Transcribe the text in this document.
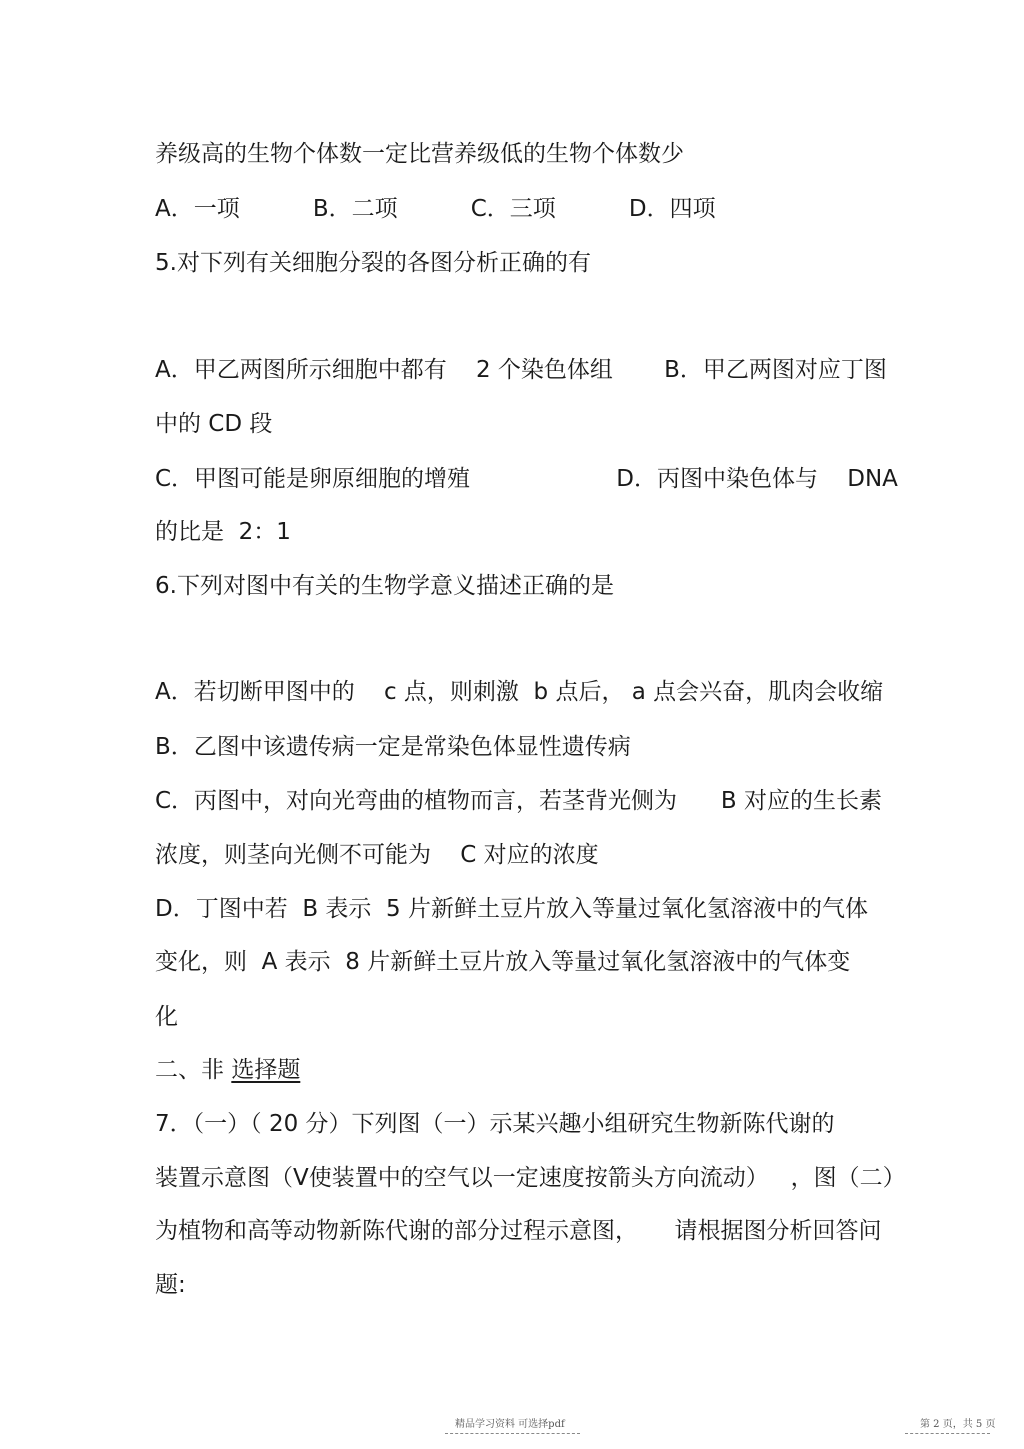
养级高的生物个体数一定比营养级低的生物个体数少
A．一项          B．二项          C．三项          D．四项
5.对下列有关细胞分裂的各图分析正确的有
A．甲乙两图所示细胞中都有    2 个染色体组       B．甲乙两图对应丁图
中的 CD 段
C．甲图可能是卵原细胞的增殖                    D．丙图中染色体与    DNA
的比是  2：1
6.下列对图中有关的生物学意义描述正确的是
A．若切断甲图中的    c 点，则刺激  b 点后， a 点会兴奋，肌肉会收缩
B．乙图中该遗传病一定是常染色体显性遗传病
C．丙图中，对向光弯曲的植物而言，若茎背光侧为      B 对应的生长素
浓度，则茎向光侧不可能为    C 对应的浓度
D．丁图中若  B 表示  5 片新鲜土豆片放入等量过氧化氢溶液中的气体
变化，则  A 表示  8 片新鲜土豆片放入等量过氧化氢溶液中的气体变
化
二、非 选择题
7．（一）（ 20 分）下列图（一）示某兴趣小组研究生物新陈代谢的
装置示意图（Ⅴ使装置中的空气以一定速度按箭头方向流动）   ，图（二）
为植物和高等动物新陈代谢的部分过程示意图，     请根据图分析回答问
题:
精品学习资料 可选择pdf	第 2 页，共 5 页
